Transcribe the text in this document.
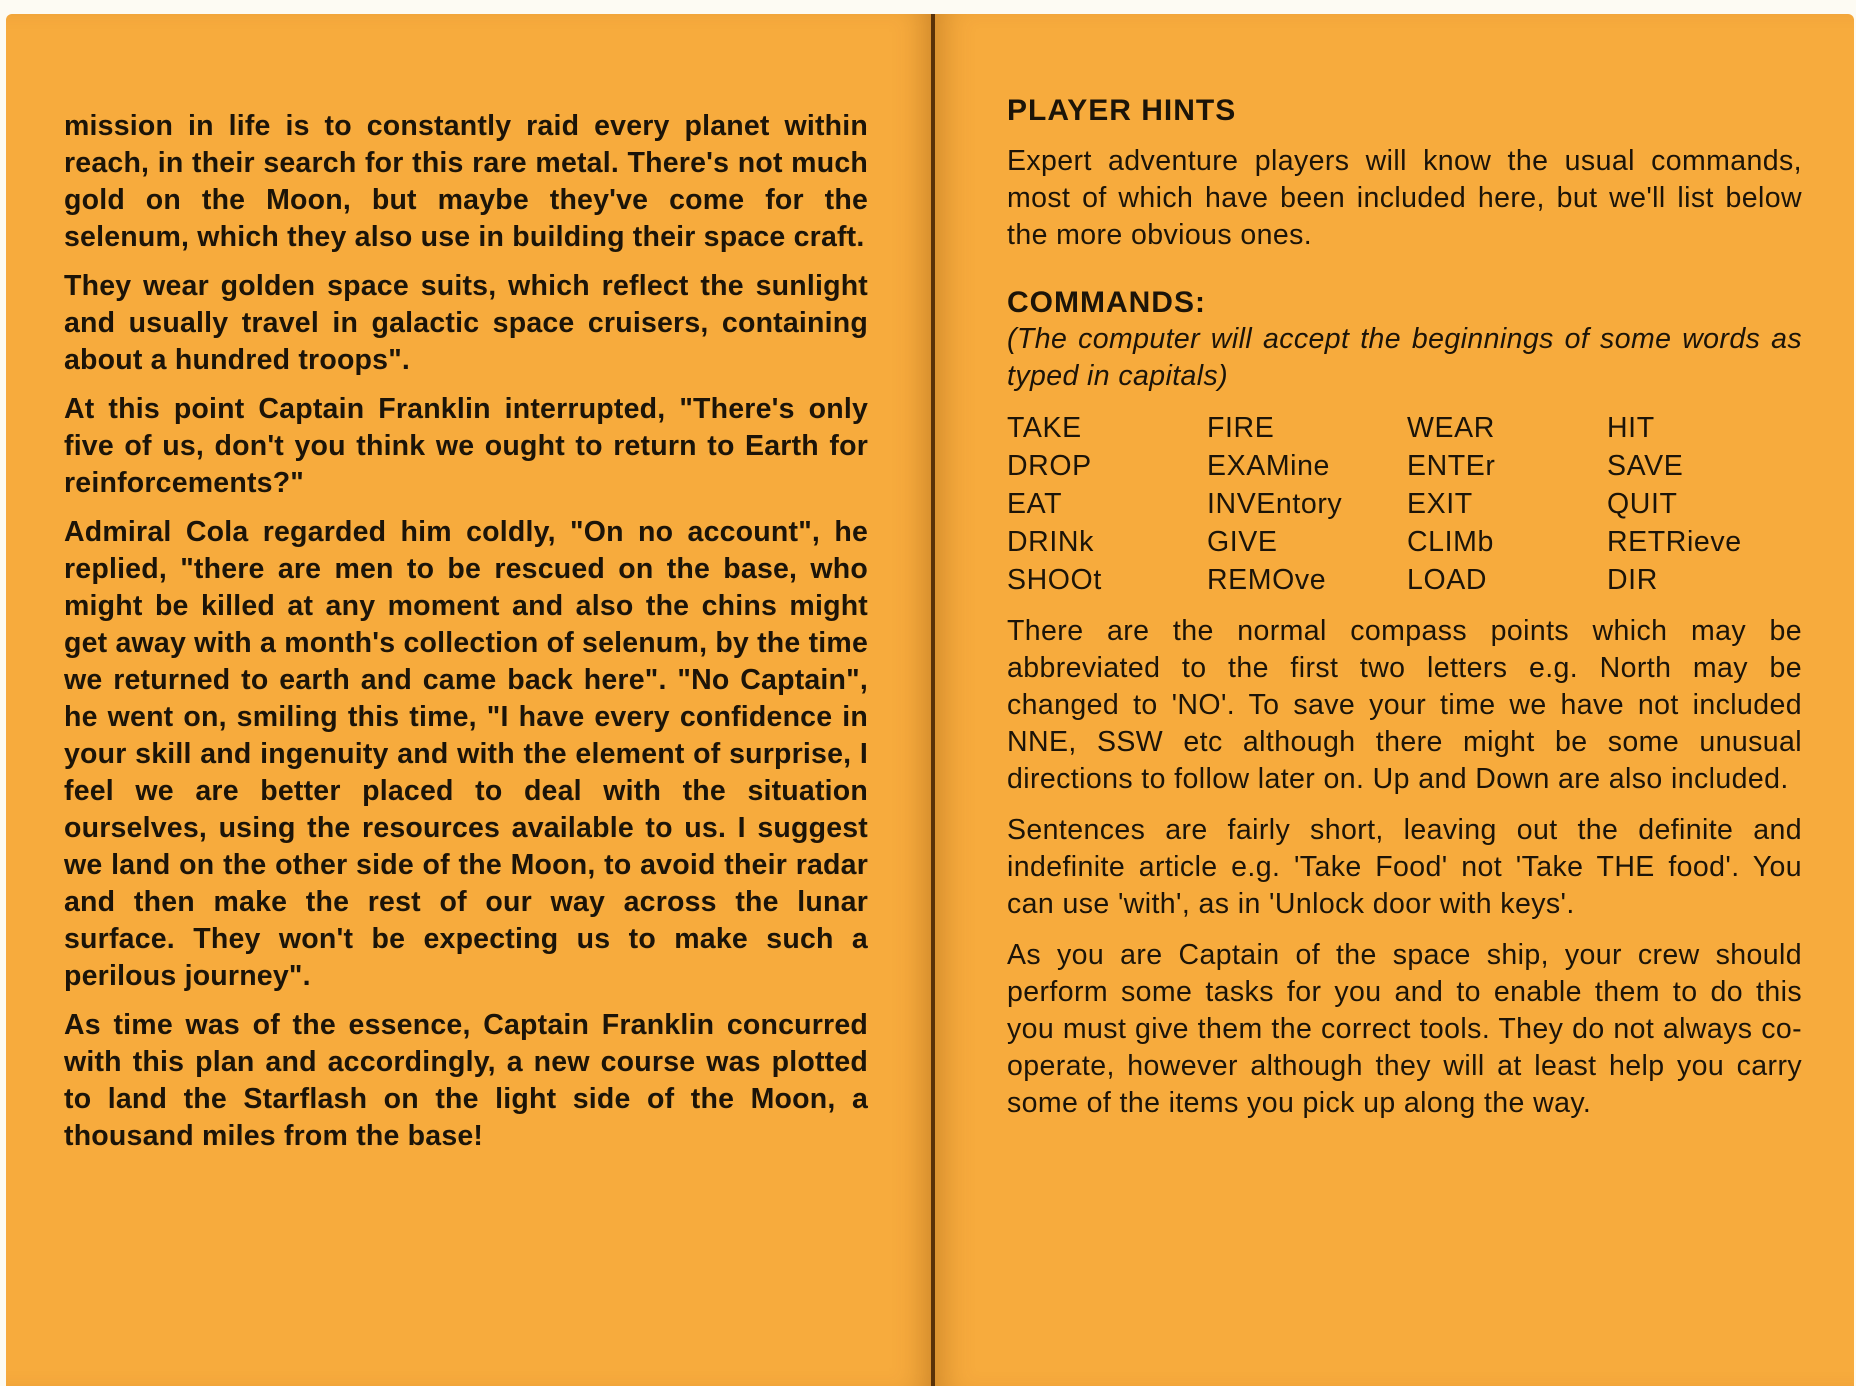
mission in life is to constantly raid every planet within reach, in their search for this rare metal. There's not much gold on the Moon, but maybe they've come for the selenum, which they also use in building their space craft.

They wear golden space suits, which reflect the sunlight and usually travel in galactic space cruisers, containing about a hundred troops".

At this point Captain Franklin interrupted, "There's only five of us, don't you think we ought to return to Earth for reinforcements?"

Admiral Cola regarded him coldly, "On no account", he replied, "there are men to be rescued on the base, who might be killed at any moment and also the chins might get away with a month's collection of selenum, by the time we returned to earth and came back here". "No Captain", he went on, smiling this time, "I have every confidence in your skill and ingenuity and with the element of surprise, I feel we are better placed to deal with the situation ourselves, using the resources available to us. I suggest we land on the other side of the Moon, to avoid their radar and then make the rest of our way across the lunar surface. They won't be expecting us to make such a perilous journey".

As time was of the essence, Captain Franklin concurred with this plan and accordingly, a new course was plotted to land the Starflash on the light side of the Moon, a thousand miles from the base!

PLAYER HINTS

Expert adventure players will know the usual commands, most of which have been included here, but we'll list below the more obvious ones.

COMMANDS:

(The computer will accept the beginnings of some words as typed in capitals)

TAKE	FIRE	WEAR	HIT
DROP	EXAMine	ENTEr	SAVE
EAT	INVEntory	EXIT	QUIT
DRINk	GIVE	CLIMb	RETRieve
SHOOt	REMOve	LOAD	DIR

There are the normal compass points which may be abbreviated to the first two letters e.g. North may be changed to 'NO'. To save your time we have not included NNE, SSW etc although there might be some unusual directions to follow later on. Up and Down are also included.

Sentences are fairly short, leaving out the definite and indefinite article e.g. 'Take Food' not 'Take THE food'. You can use 'with', as in 'Unlock door with keys'.

As you are Captain of the space ship, your crew should perform some tasks for you and to enable them to do this you must give them the correct tools. They do not always co-operate, however although they will at least help you carry some of the items you pick up along the way.
